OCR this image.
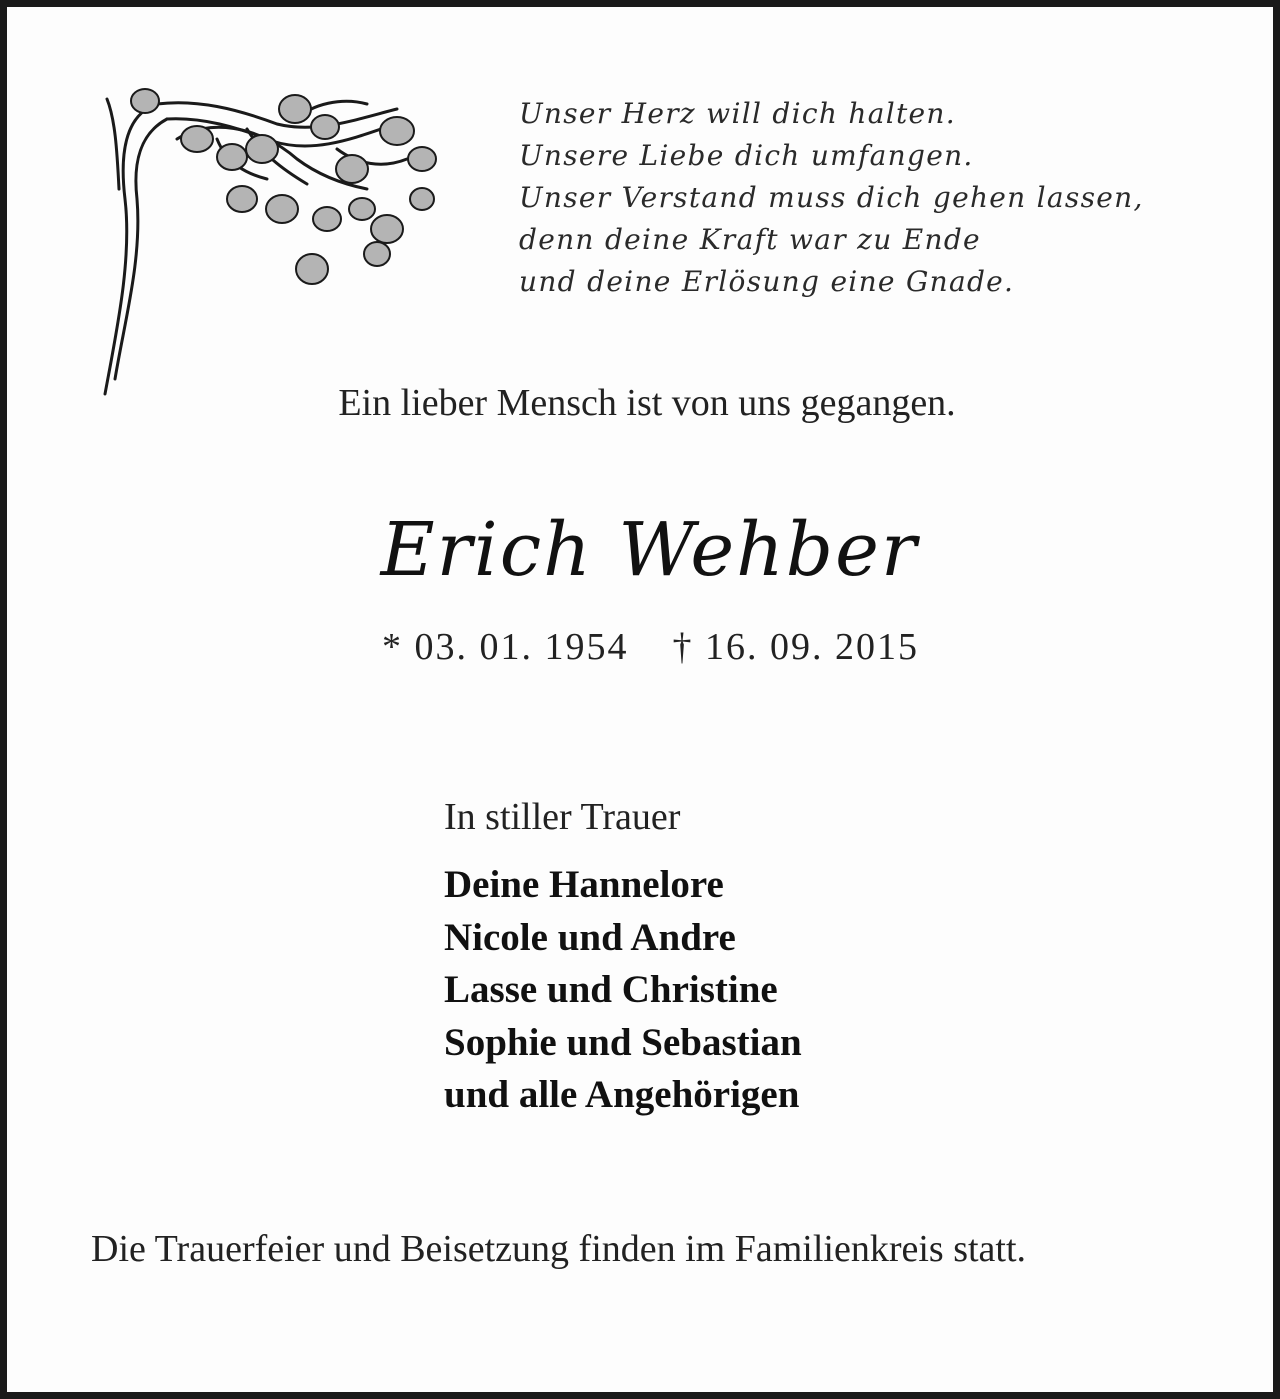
Unser Herz will dich halten.
Unsere Liebe dich umfangen.
Unser Verstand muss dich gehen lassen,
denn deine Kraft war zu Ende
und deine Erlösung eine Gnade.
Ein lieber Mensch ist von uns gegangen.
Erich Wehber
* 03. 01. 1954 † 16. 09. 2015
In stiller Trauer
Deine Hannelore
Nicole und Andre
Lasse und Christine
Sophie und Sebastian
und alle Angehörigen
Die Trauerfeier und Beisetzung finden im Familienkreis statt.
